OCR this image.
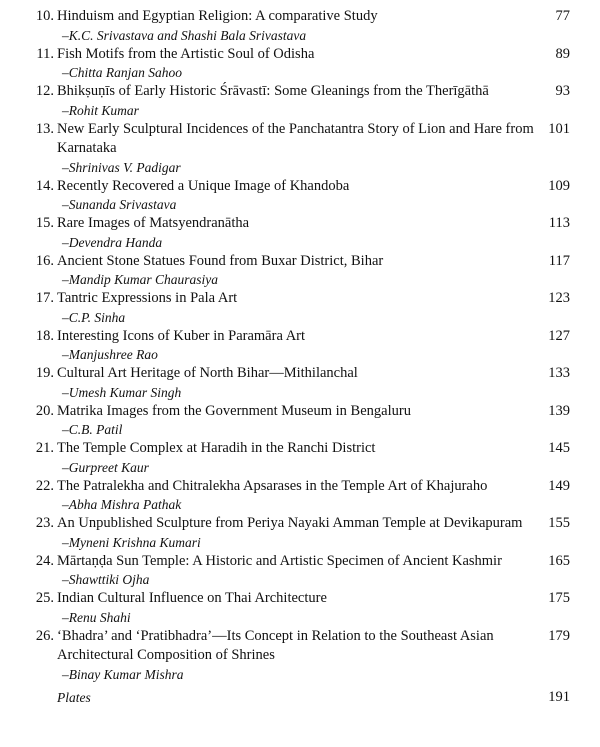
10. Hinduism and Egyptian Religion: A comparative Study
–K.C. Srivastava and Shashi Bala Srivastava
77
11. Fish Motifs from the Artistic Soul of Odisha
–Chitta Ranjan Sahoo
89
12. Bhikṣuṇīs of Early Historic Śrāvastī: Some Gleanings from the Therīgāthā
–Rohit Kumar
93
13. New Early Sculptural Incidences of the Panchatantra Story of Lion and Hare from Karnataka
–Shrinivas V. Padigar
101
14. Recently Recovered a Unique Image of Khandoba
–Sunanda Srivastava
109
15. Rare Images of Matsyendranātha
–Devendra Handa
113
16. Ancient Stone Statues Found from Buxar District, Bihar
–Mandip Kumar Chaurasiya
117
17. Tantric Expressions in Pala Art
–C.P. Sinha
123
18. Interesting Icons of Kuber in Paramāra Art
–Manjushree Rao
127
19. Cultural Art Heritage of North Bihar—Mithilanchal
–Umesh Kumar Singh
133
20. Matrika Images from the Government Museum in Bengaluru
–C.B. Patil
139
21. The Temple Complex at Haradih in the Ranchi District
–Gurpreet Kaur
145
22. The Patralekha and Chitralekha Apsarases in the Temple Art of Khajuraho
–Abha Mishra Pathak
149
23. An Unpublished Sculpture from Periya Nayaki Amman Temple at Devikapuram
–Myneni Krishna Kumari
155
24. Mārtaṇḍa Sun Temple: A Historic and Artistic Specimen of Ancient Kashmir
–Shawttiki Ojha
165
25. Indian Cultural Influence on Thai Architecture
–Renu Shahi
175
26. ‘Bhadra’ and ‘Pratibhadra’—Its Concept in Relation to the Southeast Asian Architectural Composition of Shrines
–Binay Kumar Mishra
179
Plates	191
